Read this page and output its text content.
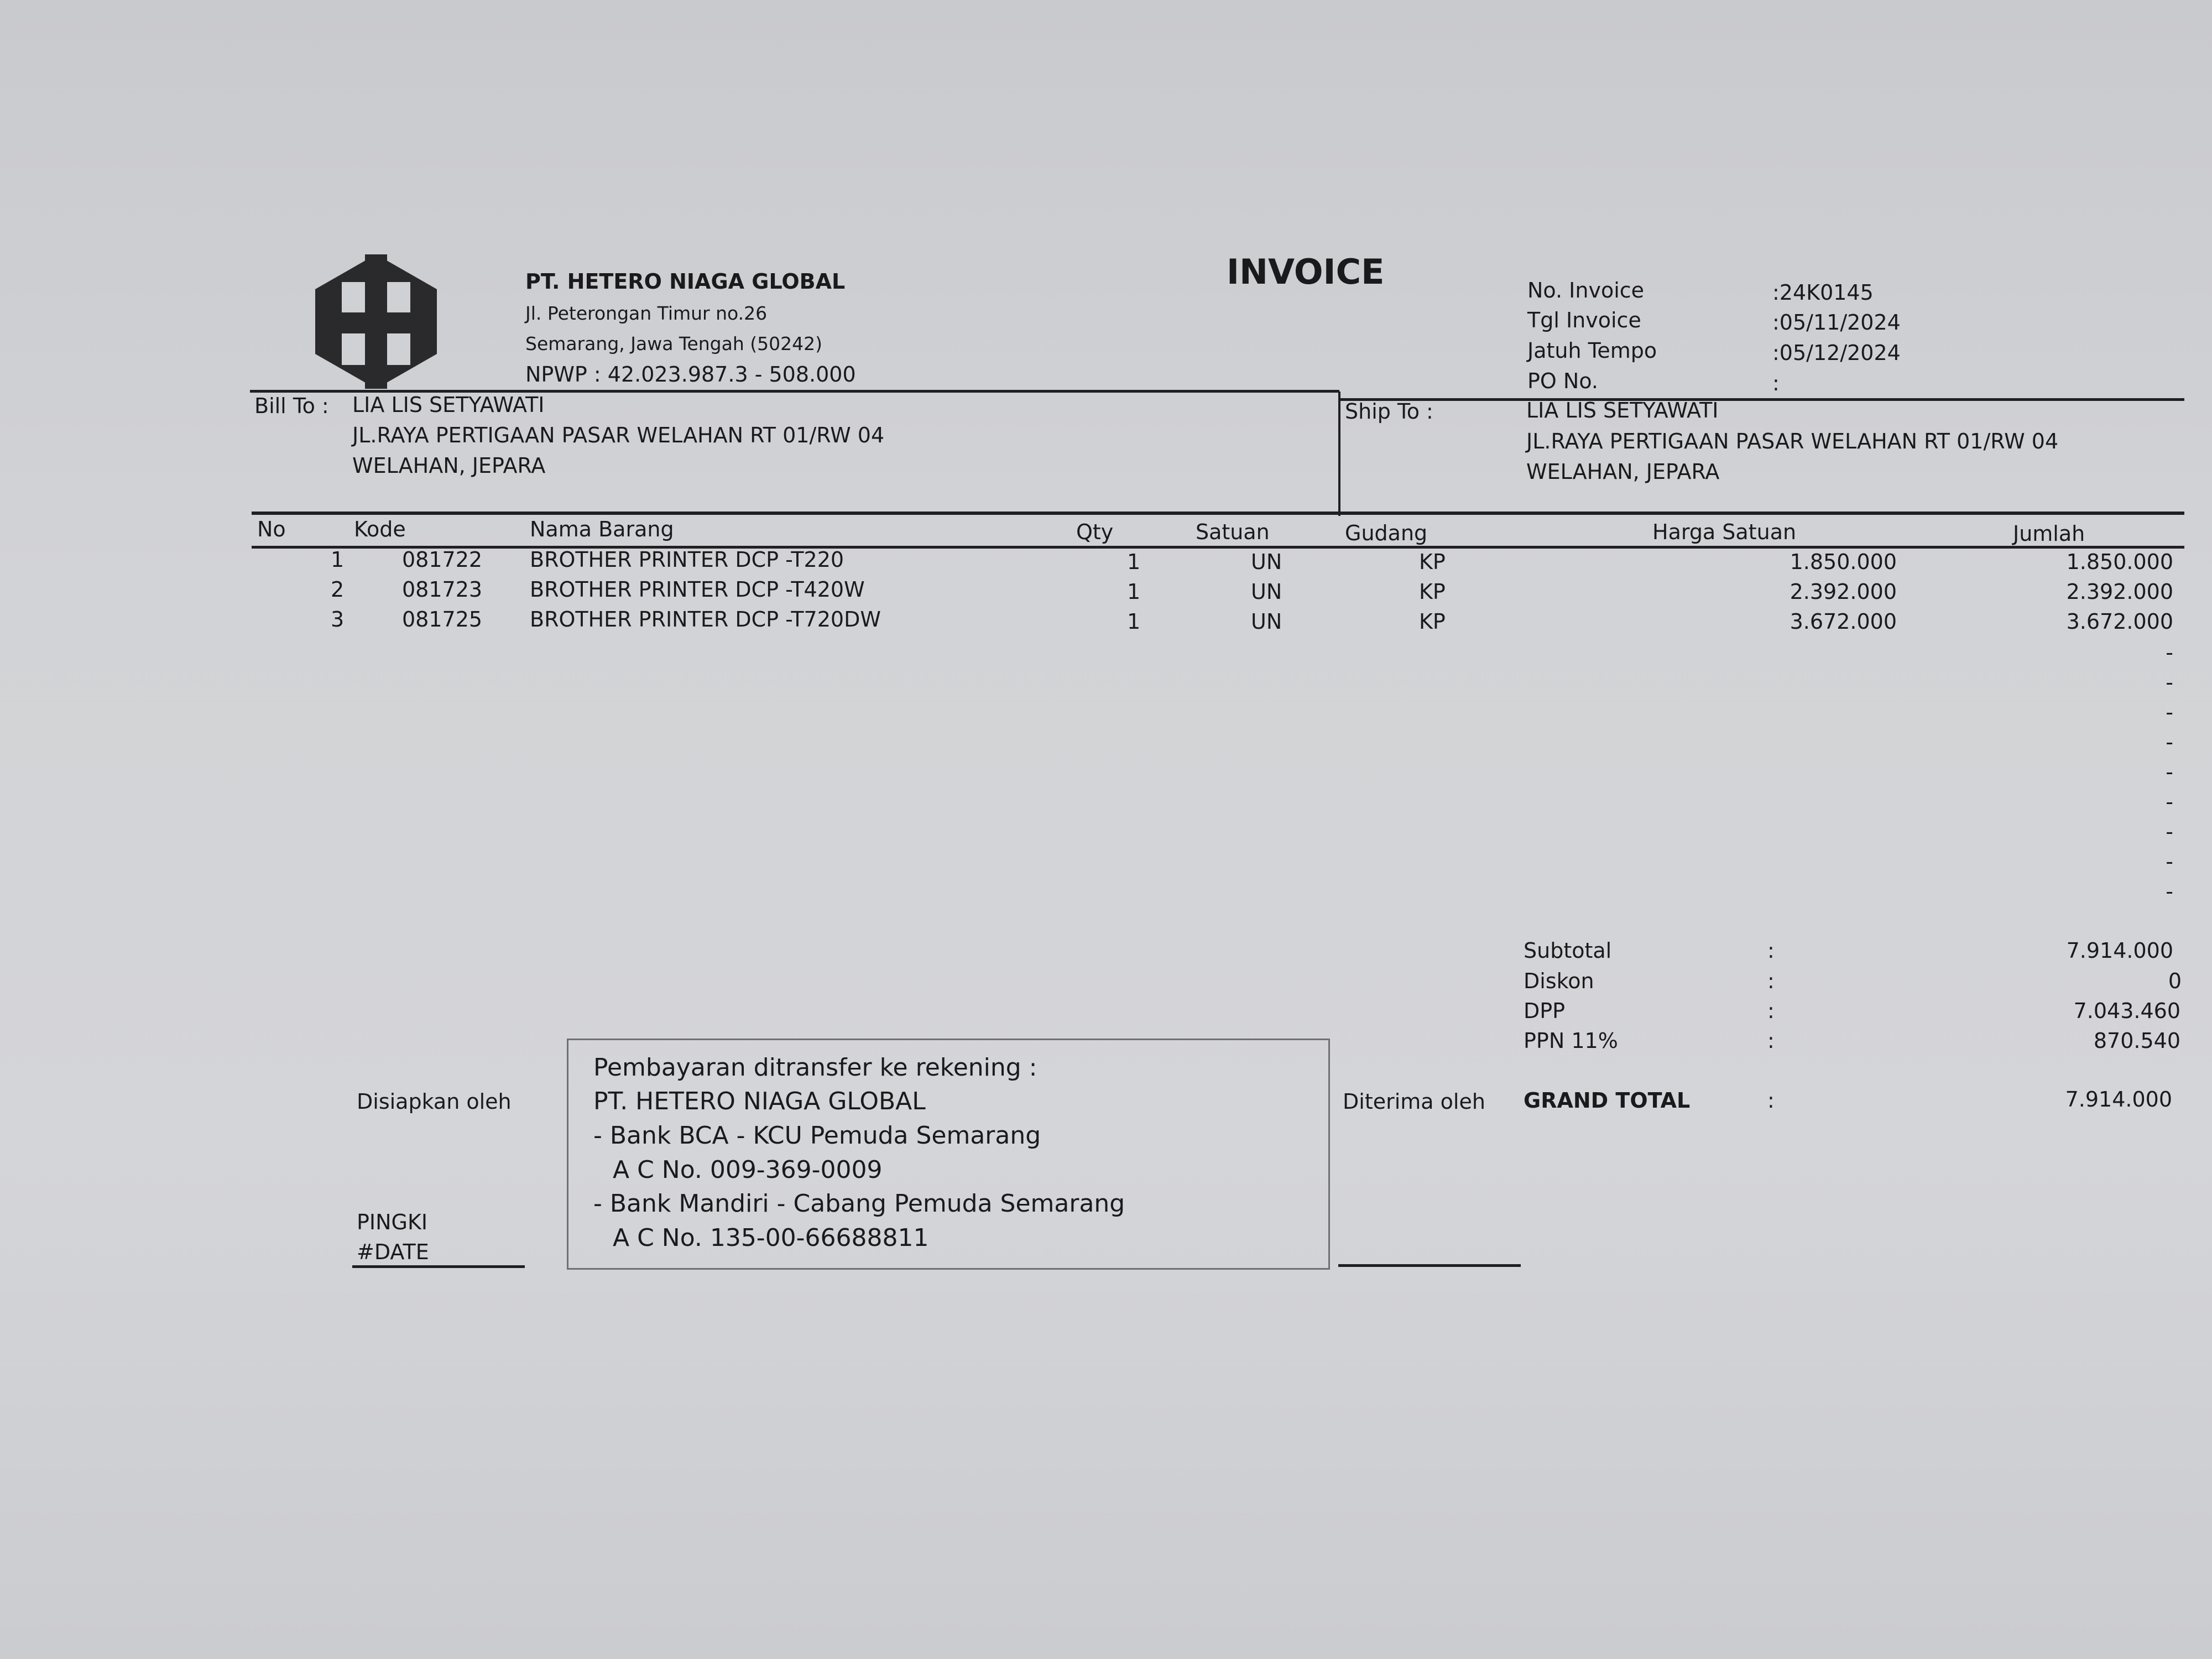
PT. HETERO NIAGA GLOBAL
Jl. Peterongan Timur no.26
Semarang, Jawa Tengah (50242)
NPWP : 42.023.987.3 - 508.000
INVOICE	No. Invoice	:24K0145
Tgl Invoice	:05/11/2024
Jatuh Tempo	:05/12/2024
PO No.	:
Bill To : LIA LIS SETYAWATI
JL.RAYA PERTIGAAN PASAR WELAHAN RT 01/RW 04
WELAHAN, JEPARA
Ship To :	LIA LIS SETYAWATI
JL.RAYA PERTIGAAN PASAR WELAHAN RT 01/RW 04
WELAHAN, JEPARA
No	Kode	Nama Barang	Qty	Satuan	Gudang	Harga Satuan	Jumlah
1	081722 BROTHER PRINTER DCP -T220	1	UN	KP	1.850.000	1.850.000
2	081723 BROTHER PRINTER DCP -T420W	1	UN	KP	2.392.000	2.392.000
3	081725 BROTHER PRINTER DCP -T720DW	1	UN	KP	3.672.000	3.672.000
-
-
-
-
-
-
-
-
-
Subtotal	:	7.914.000
Diskon	:	0
DPP	:	7.043.460
PPN 11%	:	870.540
GRAND TOTAL	:	7.914.000
Pembayaran ditransfer ke rekening :
PT. HETERO NIAGA GLOBAL
- Bank BCA - KCU Pemuda Semarang
A C No. 009-369-0009
- Bank Mandiri - Cabang Pemuda Semarang
A C No. 135-00-66688811
Disiapkan oleh
PINGKI
#DATE
Diterima oleh
